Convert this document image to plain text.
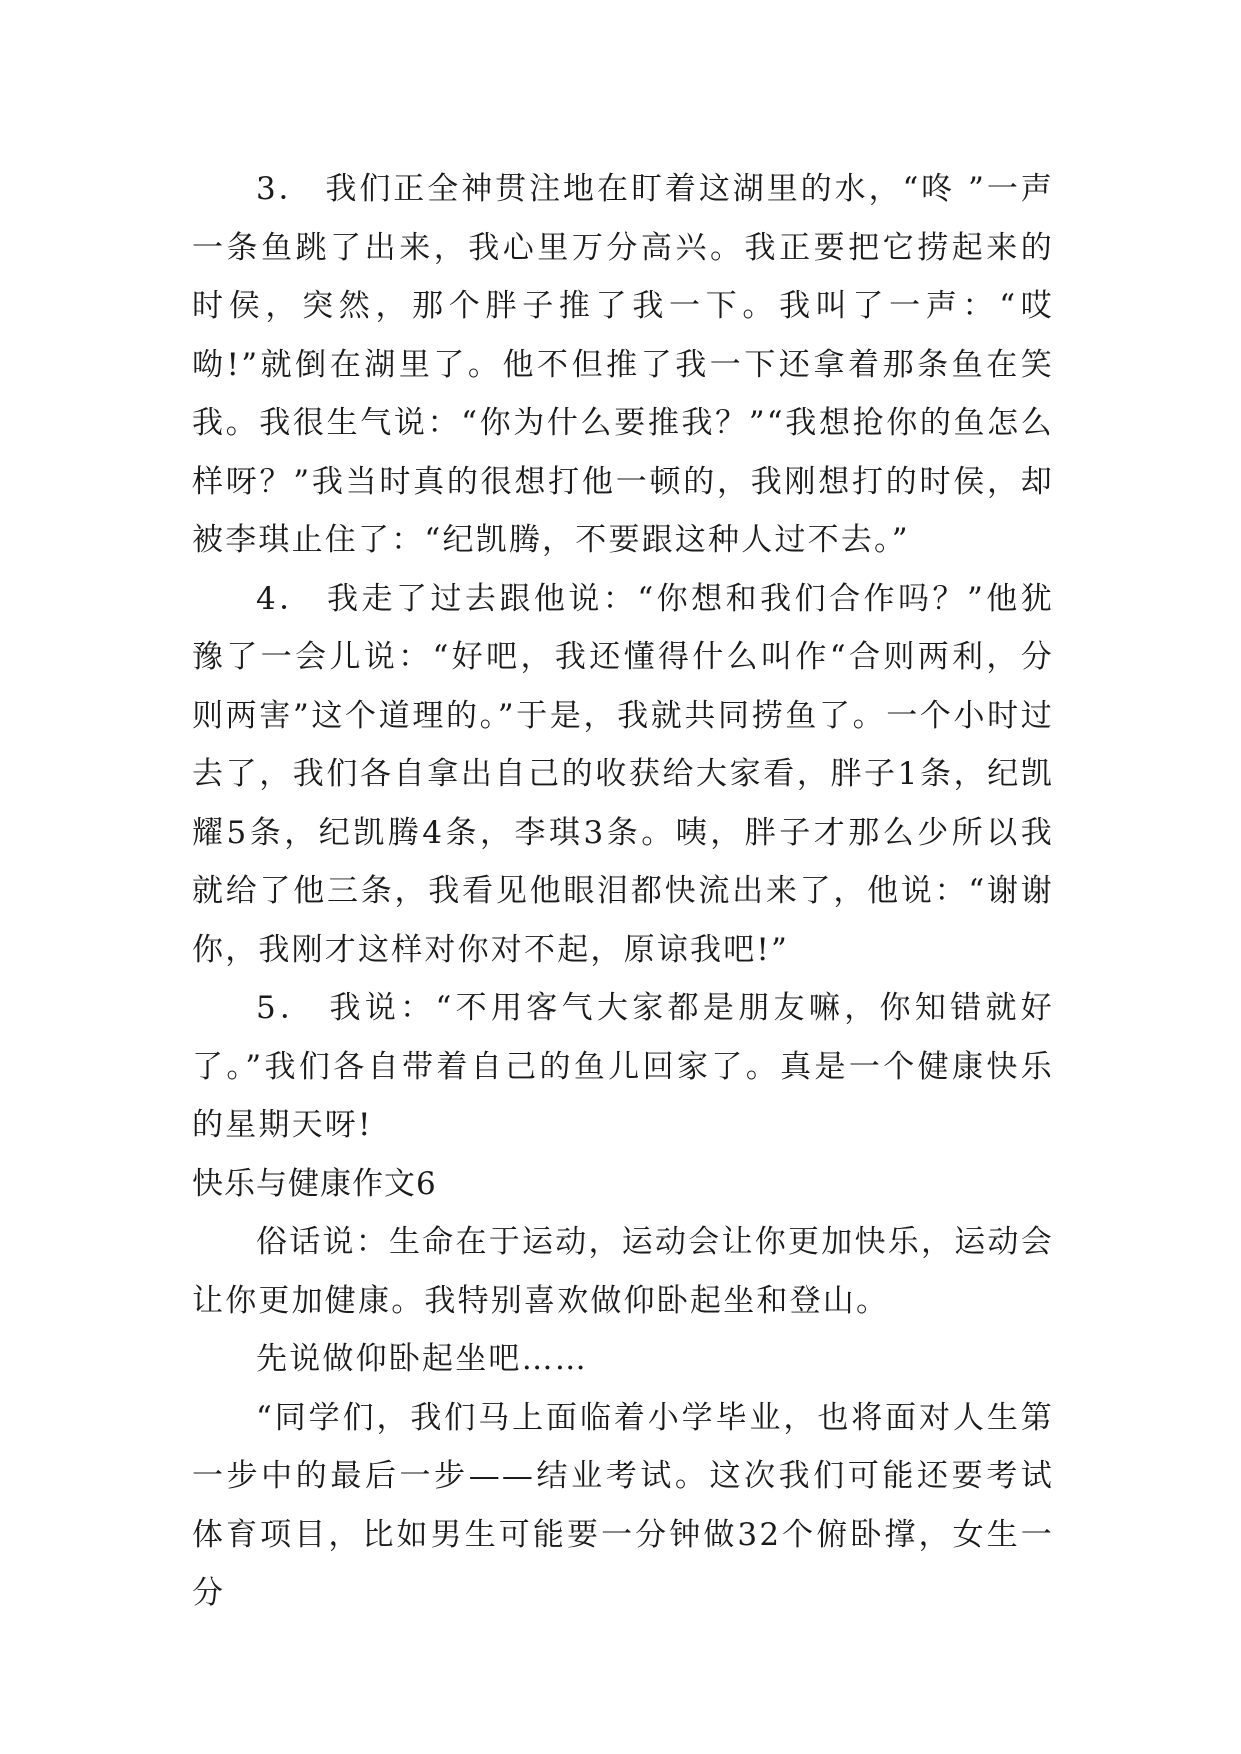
3． 我们正全神贯注地在盯着这湖里的水，“咚 ”一声一条鱼跳了出来，我心里万分高兴。我正要把它捞起来的时侯，突然，那个胖子推了我一下。我叫了一声：“哎呦!”就倒在湖里了。他不但推了我一下还拿着那条鱼在笑我。我很生气说：“你为什么要推我？”“我想抢你的鱼怎么样呀？”我当时真的很想打他一顿的，我刚想打的时侯，却被李琪止住了：“纪凯腾，不要跟这种人过不去。”

4． 我走了过去跟他说：“你想和我们合作吗？”他犹豫了一会儿说：“好吧，我还懂得什么叫作“合则两利，分则两害”这个道理的。”于是，我就共同捞鱼了。一个小时过去了，我们各自拿出自己的收获给大家看，胖子1条，纪凯耀5条，纪凯腾4条，李琪3条。咦，胖子才那么少所以我就给了他三条，我看见他眼泪都快流出来了，他说：“谢谢你，我刚才这样对你对不起，原谅我吧!”

5． 我说：“不用客气大家都是朋友嘛，你知错就好了。”我们各自带着自己的鱼儿回家了。真是一个健康快乐的星期天呀!

快乐与健康作文6

俗话说：生命在于运动，运动会让你更加快乐，运动会让你更加健康。我特别喜欢做仰卧起坐和登山。

先说做仰卧起坐吧……

“同学们，我们马上面临着小学毕业，也将面对人生第一步中的最后一步——结业考试。这次我们可能还要考试体育项目，比如男生可能要一分钟做32个俯卧撑，女生一分
